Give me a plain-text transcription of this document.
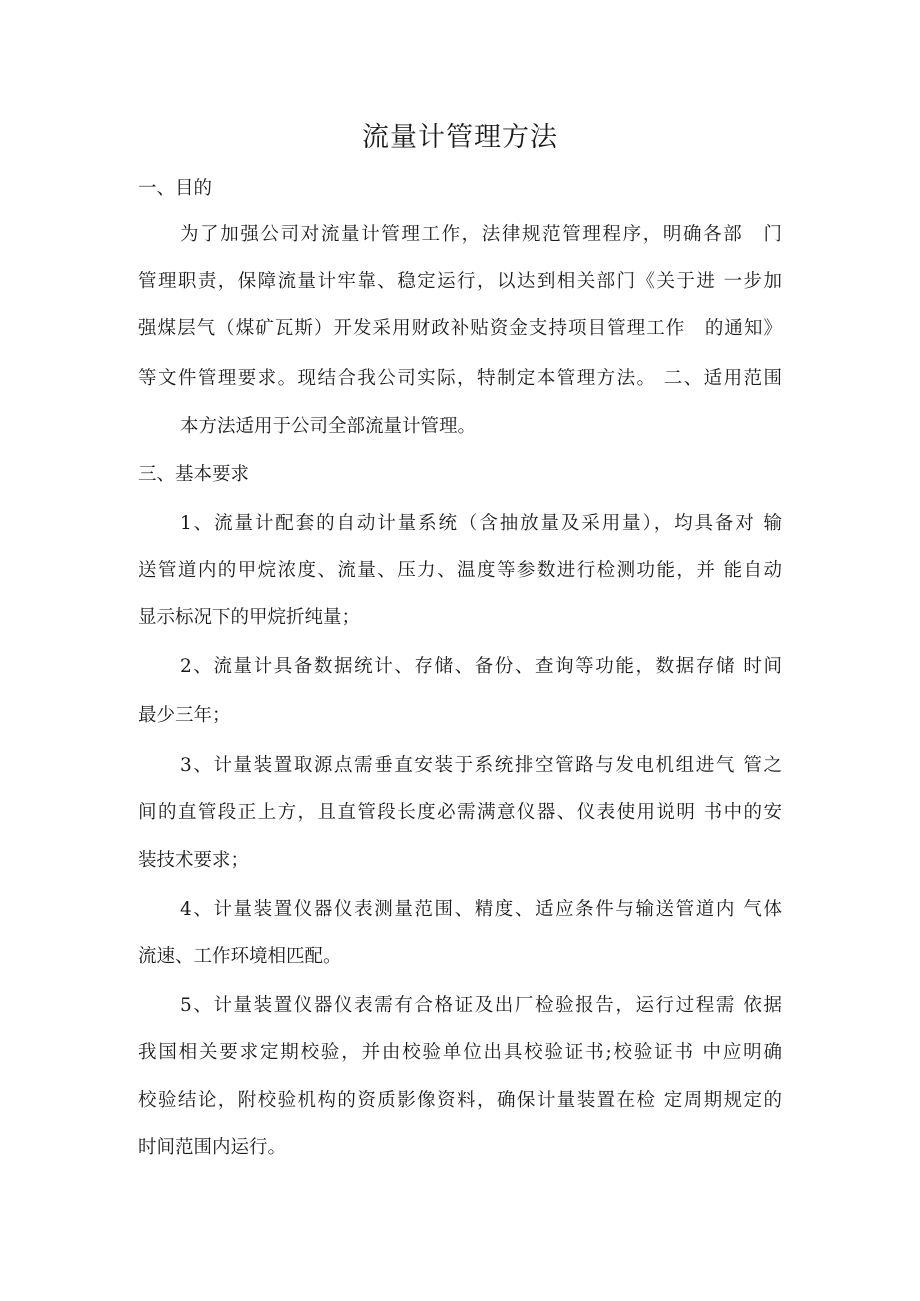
流量计管理方法
一、目的
为了加强公司对流量计管理工作，法律规范管理程序，明确各部　门
管理职责，保障流量计牢靠、稳定运行，以达到相关部门《关于进 一步加
强煤层气（煤矿瓦斯）开发采用财政补贴资金支持项目管理工作　的通知》
等文件管理要求。现结合我公司实际，特制定本管理方法。 二、适用范围
本方法适用于公司全部流量计管理。
三、基本要求
1、流量计配套的自动计量系统（含抽放量及采用量），均具备对 输
送管道内的甲烷浓度、流量、压力、温度等参数进行检测功能，并 能自动
显示标况下的甲烷折纯量；
2、流量计具备数据统计、存储、备份、查询等功能，数据存储 时间
最少三年；
3、计量装置取源点需垂直安装于系统排空管路与发电机组进气 管之
间的直管段正上方，且直管段长度必需满意仪器、仪表使用说明 书中的安
装技术要求；
4、计量装置仪器仪表测量范围、精度、适应条件与输送管道内 气体
流速、工作环境相匹配。
5、计量装置仪器仪表需有合格证及出厂检验报告，运行过程需 依据
我国相关要求定期校验，并由校验单位出具校验证书;校验证书 中应明确
校验结论，附校验机构的资质影像资料，确保计量装置在检 定周期规定的
时间范围内运行。
